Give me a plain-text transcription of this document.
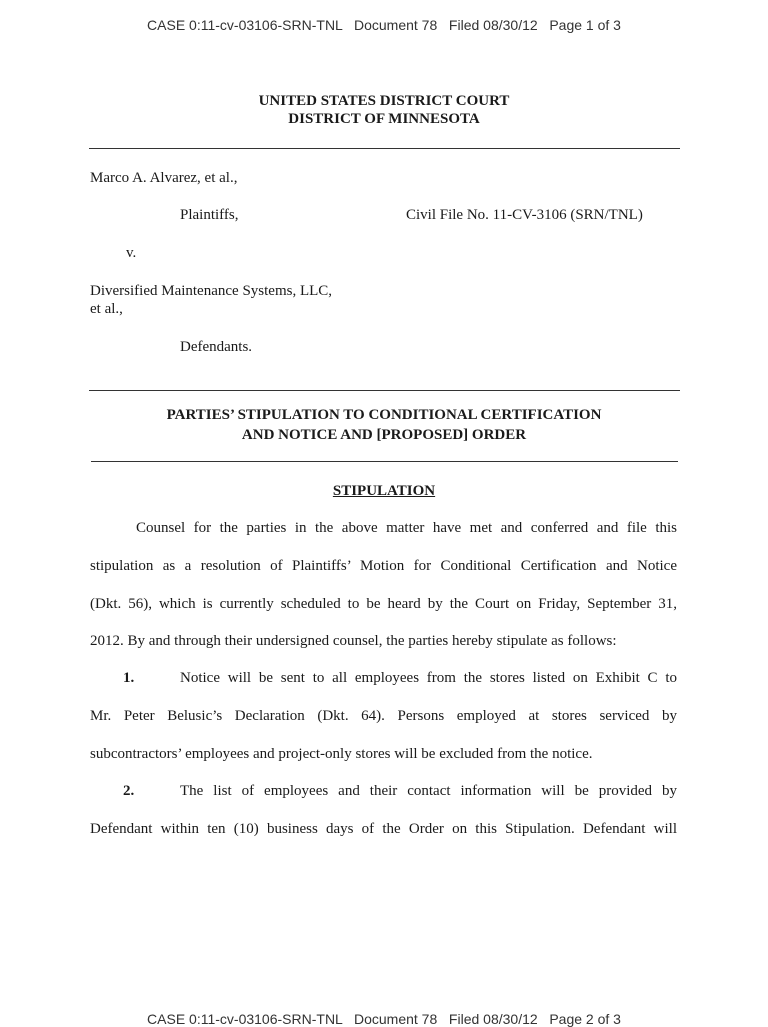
CASE 0:11-cv-03106-SRN-TNL   Document 78   Filed 08/30/12   Page 1 of 3
UNITED STATES DISTRICT COURT
DISTRICT OF MINNESOTA
Marco A. Alvarez, et al.,
Plaintiffs,	Civil File No. 11-CV-3106 (SRN/TNL)
v.
Diversified Maintenance Systems, LLC,
et al.,
Defendants.
PARTIES’ STIPULATION TO CONDITIONAL CERTIFICATION
AND NOTICE AND [PROPOSED] ORDER
STIPULATION
Counsel for the parties in the above matter have met and conferred and file this
stipulation as a resolution of Plaintiffs’ Motion for Conditional Certification and Notice
(Dkt. 56), which is currently scheduled to be heard by the Court on Friday, September 31,
2012. By and through their undersigned counsel, the parties hereby stipulate as follows:
1.	Notice will be sent to all employees from the stores listed on Exhibit C to
Mr. Peter Belusic’s Declaration (Dkt. 64). Persons employed at stores serviced by
subcontractors’ employees and project-only stores will be excluded from the notice.
2.	The list of employees and their contact information will be provided by
Defendant within ten (10) business days of the Order on this Stipulation. Defendant will
CASE 0:11-cv-03106-SRN-TNL   Document 78   Filed 08/30/12   Page 2 of 3
